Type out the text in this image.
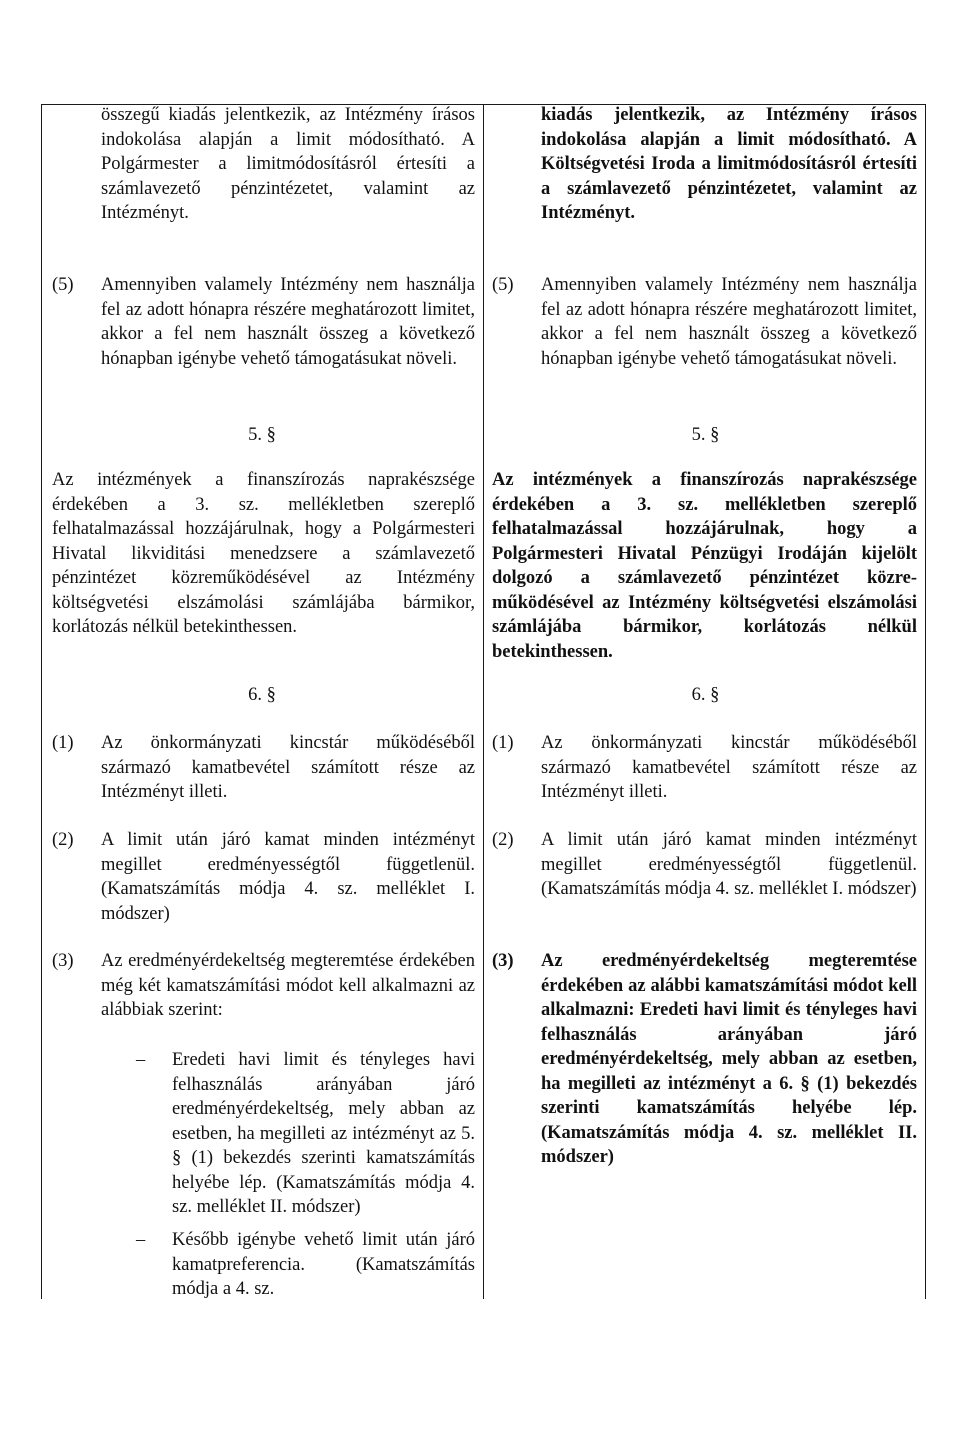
összegű kiadás jelentkezik, az Intézmény írásos indokolása alapján a limit módosítható. A Polgármester a limitmódosításról értesíti a számlavezető pénzintézetet, valamint az Intézményt.

(5) Amennyiben valamely Intézmény nem használja fel az adott hónapra részére meghatározott limitet, akkor a fel nem használt összeg a következő hónapban igénybe vehető támogatásukat növeli.

5. §

Az intézmények a finanszírozás naprakészsége érdekében a 3. sz. mellékletben szereplő felhatalmazással hozzájárulnak, hogy a Polgármesteri Hivatal likviditási menedzsere a számlavezető pénzintézet közreműködésével az Intézmény költségvetési elszámolási számlájába bármikor, korlátozás nélkül betekinthessen.

6. §

(1) Az önkormányzati kincstár működéséből származó kamatbevétel számított része az Intézményt illeti.

(2) A limit után járó kamat minden intézményt megillet eredményességtől függetlenül. (Kamatszámítás módja 4. sz. melléklet I. módszer)

(3) Az eredményérdekeltség megteremtése érdekében még két kamatszámítási módot kell alkalmazni az alábbiak szerint:

– Eredeti havi limit és tényleges havi felhasználás arányában járó eredményérdekeltség, mely abban az esetben, ha megilleti az intézményt az 5. § (1) bekezdés szerinti kamatszámítás helyébe lép. (Kamatszámítás módja 4. sz. melléklet II. módszer)

– Később igénybe vehető limit után járó kamatpreferencia. (Kamatszámítás módja a 4. sz.

kiadás jelentkezik, az Intézmény írásos indokolása alapján a limit módosítható. A Költségvetési Iroda a limitmódosításról értesíti a számlavezető pénzintézetet, valamint az Intézményt.

(5) Amennyiben valamely Intézmény nem használja fel az adott hónapra részére meghatározott limitet, akkor a fel nem használt összeg a következő hónapban igénybe vehető támogatásukat növeli.

5. §

Az intézmények a finanszírozás naprakészsége érdekében a 3. sz. mellékletben szereplő felhatalmazással hozzájárulnak, hogy a Polgármesteri Hivatal Pénzügyi Irodáján kijelölt dolgozó a számlavezető pénzintézet közre-működésével az Intézmény költségvetési elszámolási számlájába bármikor, korlátozás nélkül betekinthessen.

6. §

(1) Az önkormányzati kincstár működéséből származó kamatbevétel számított része az Intézményt illeti.

(2) A limit után járó kamat minden intézményt megillet eredményességtől függetlenül. (Kamatszámítás módja 4. sz. melléklet I. módszer)

(3) Az eredményérdekeltség megteremtése érdekében az alábbi kamatszámítási módot kell alkalmazni: Eredeti havi limit és tényleges havi felhasználás arányában járó eredményérdekeltség, mely abban az esetben, ha megilleti az intézményt a 6. § (1) bekezdés szerinti kamatszámítás helyébe lép. (Kamatszámítás módja 4. sz. melléklet II. módszer)
